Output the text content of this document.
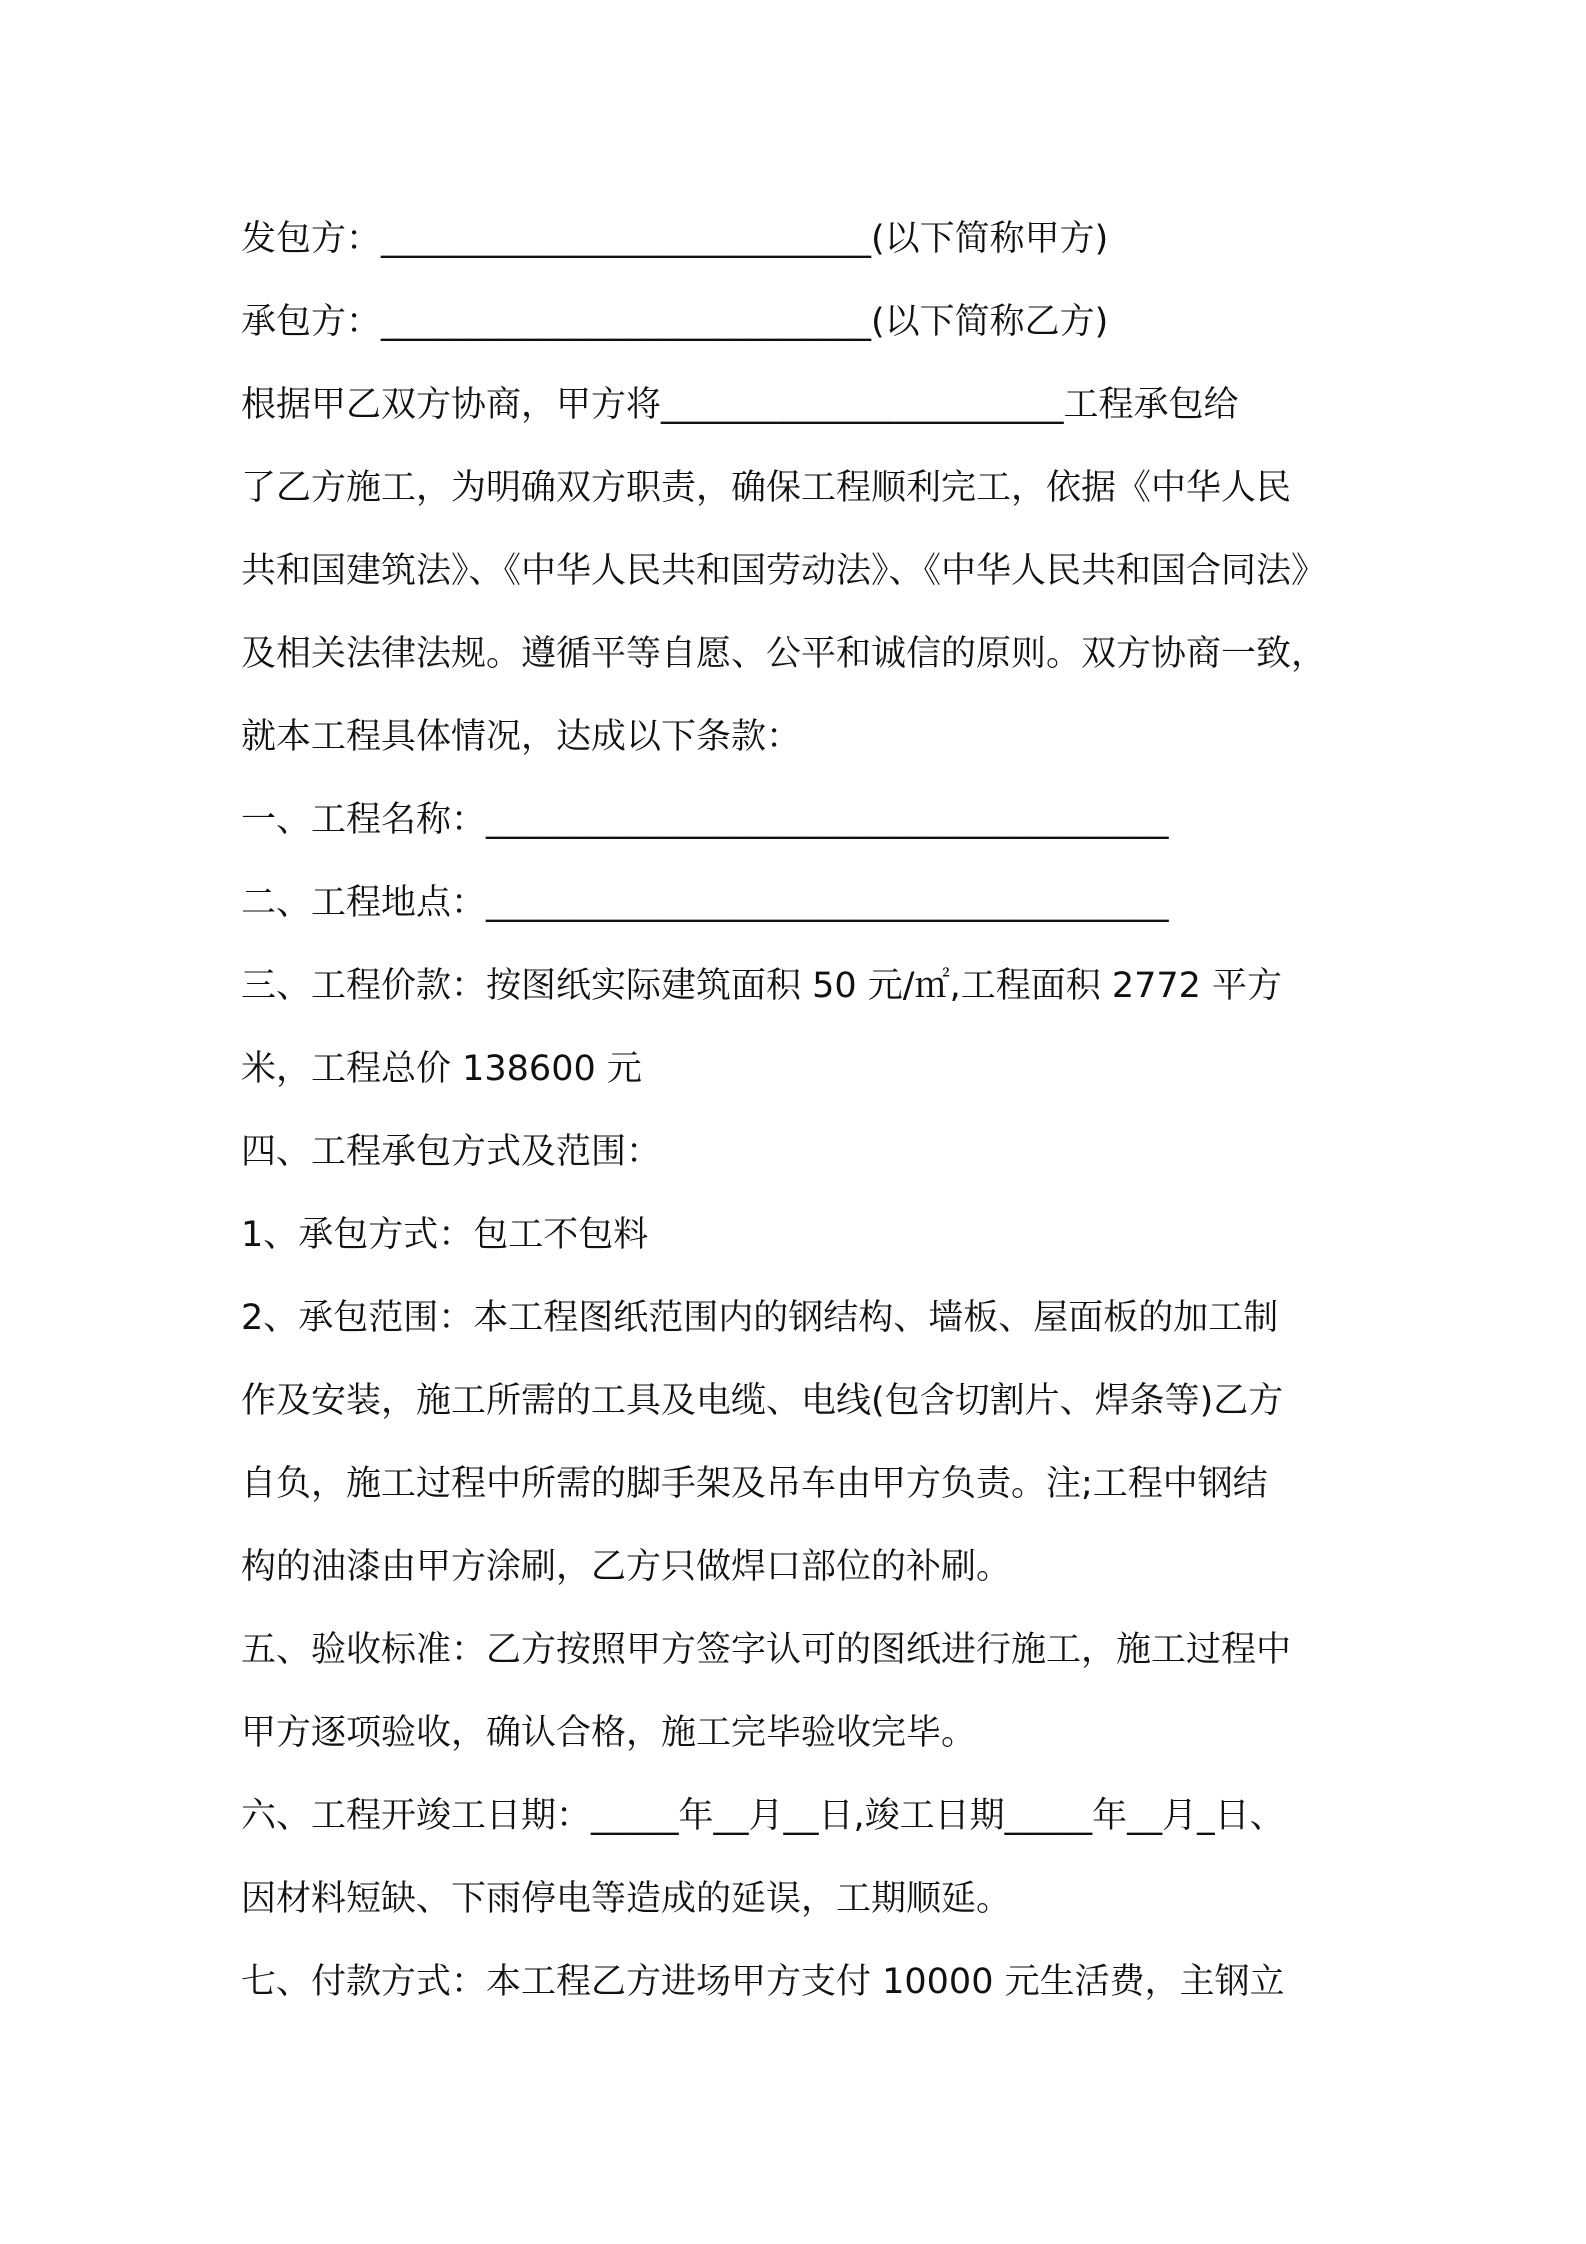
发包方：____________________________(以下简称甲方)
承包方：____________________________(以下简称乙方)
根据甲乙双方协商，甲方将_______________________工程承包给
了乙方施工，为明确双方职责，确保工程顺利完工，依据《中华人民
共和国建筑法》、《中华人民共和国劳动法》、《中华人民共和国合同法》
及相关法律法规。遵循平等自愿、公平和诚信的原则。双方协商一致，
就本工程具体情况，达成以下条款：
一、工程名称：_______________________________________
二、工程地点：_______________________________________
三、工程价款：按图纸实际建筑面积 50 元/㎡,工程面积 2772 平方
米，工程总价 138600 元
四、工程承包方式及范围：
1、承包方式：包工不包料
2、承包范围：本工程图纸范围内的钢结构、墙板、屋面板的加工制
作及安装，施工所需的工具及电缆、电线(包含切割片、焊条等)乙方
自负，施工过程中所需的脚手架及吊车由甲方负责。注;工程中钢结
构的油漆由甲方涂刷，乙方只做焊口部位的补刷。
五、验收标准：乙方按照甲方签字认可的图纸进行施工，施工过程中
甲方逐项验收，确认合格，施工完毕验收完毕。
六、工程开竣工日期：_____年__月__日,竣工日期_____年__月_日、
因材料短缺、下雨停电等造成的延误，工期顺延。
七、付款方式：本工程乙方进场甲方支付 10000 元生活费，主钢立
